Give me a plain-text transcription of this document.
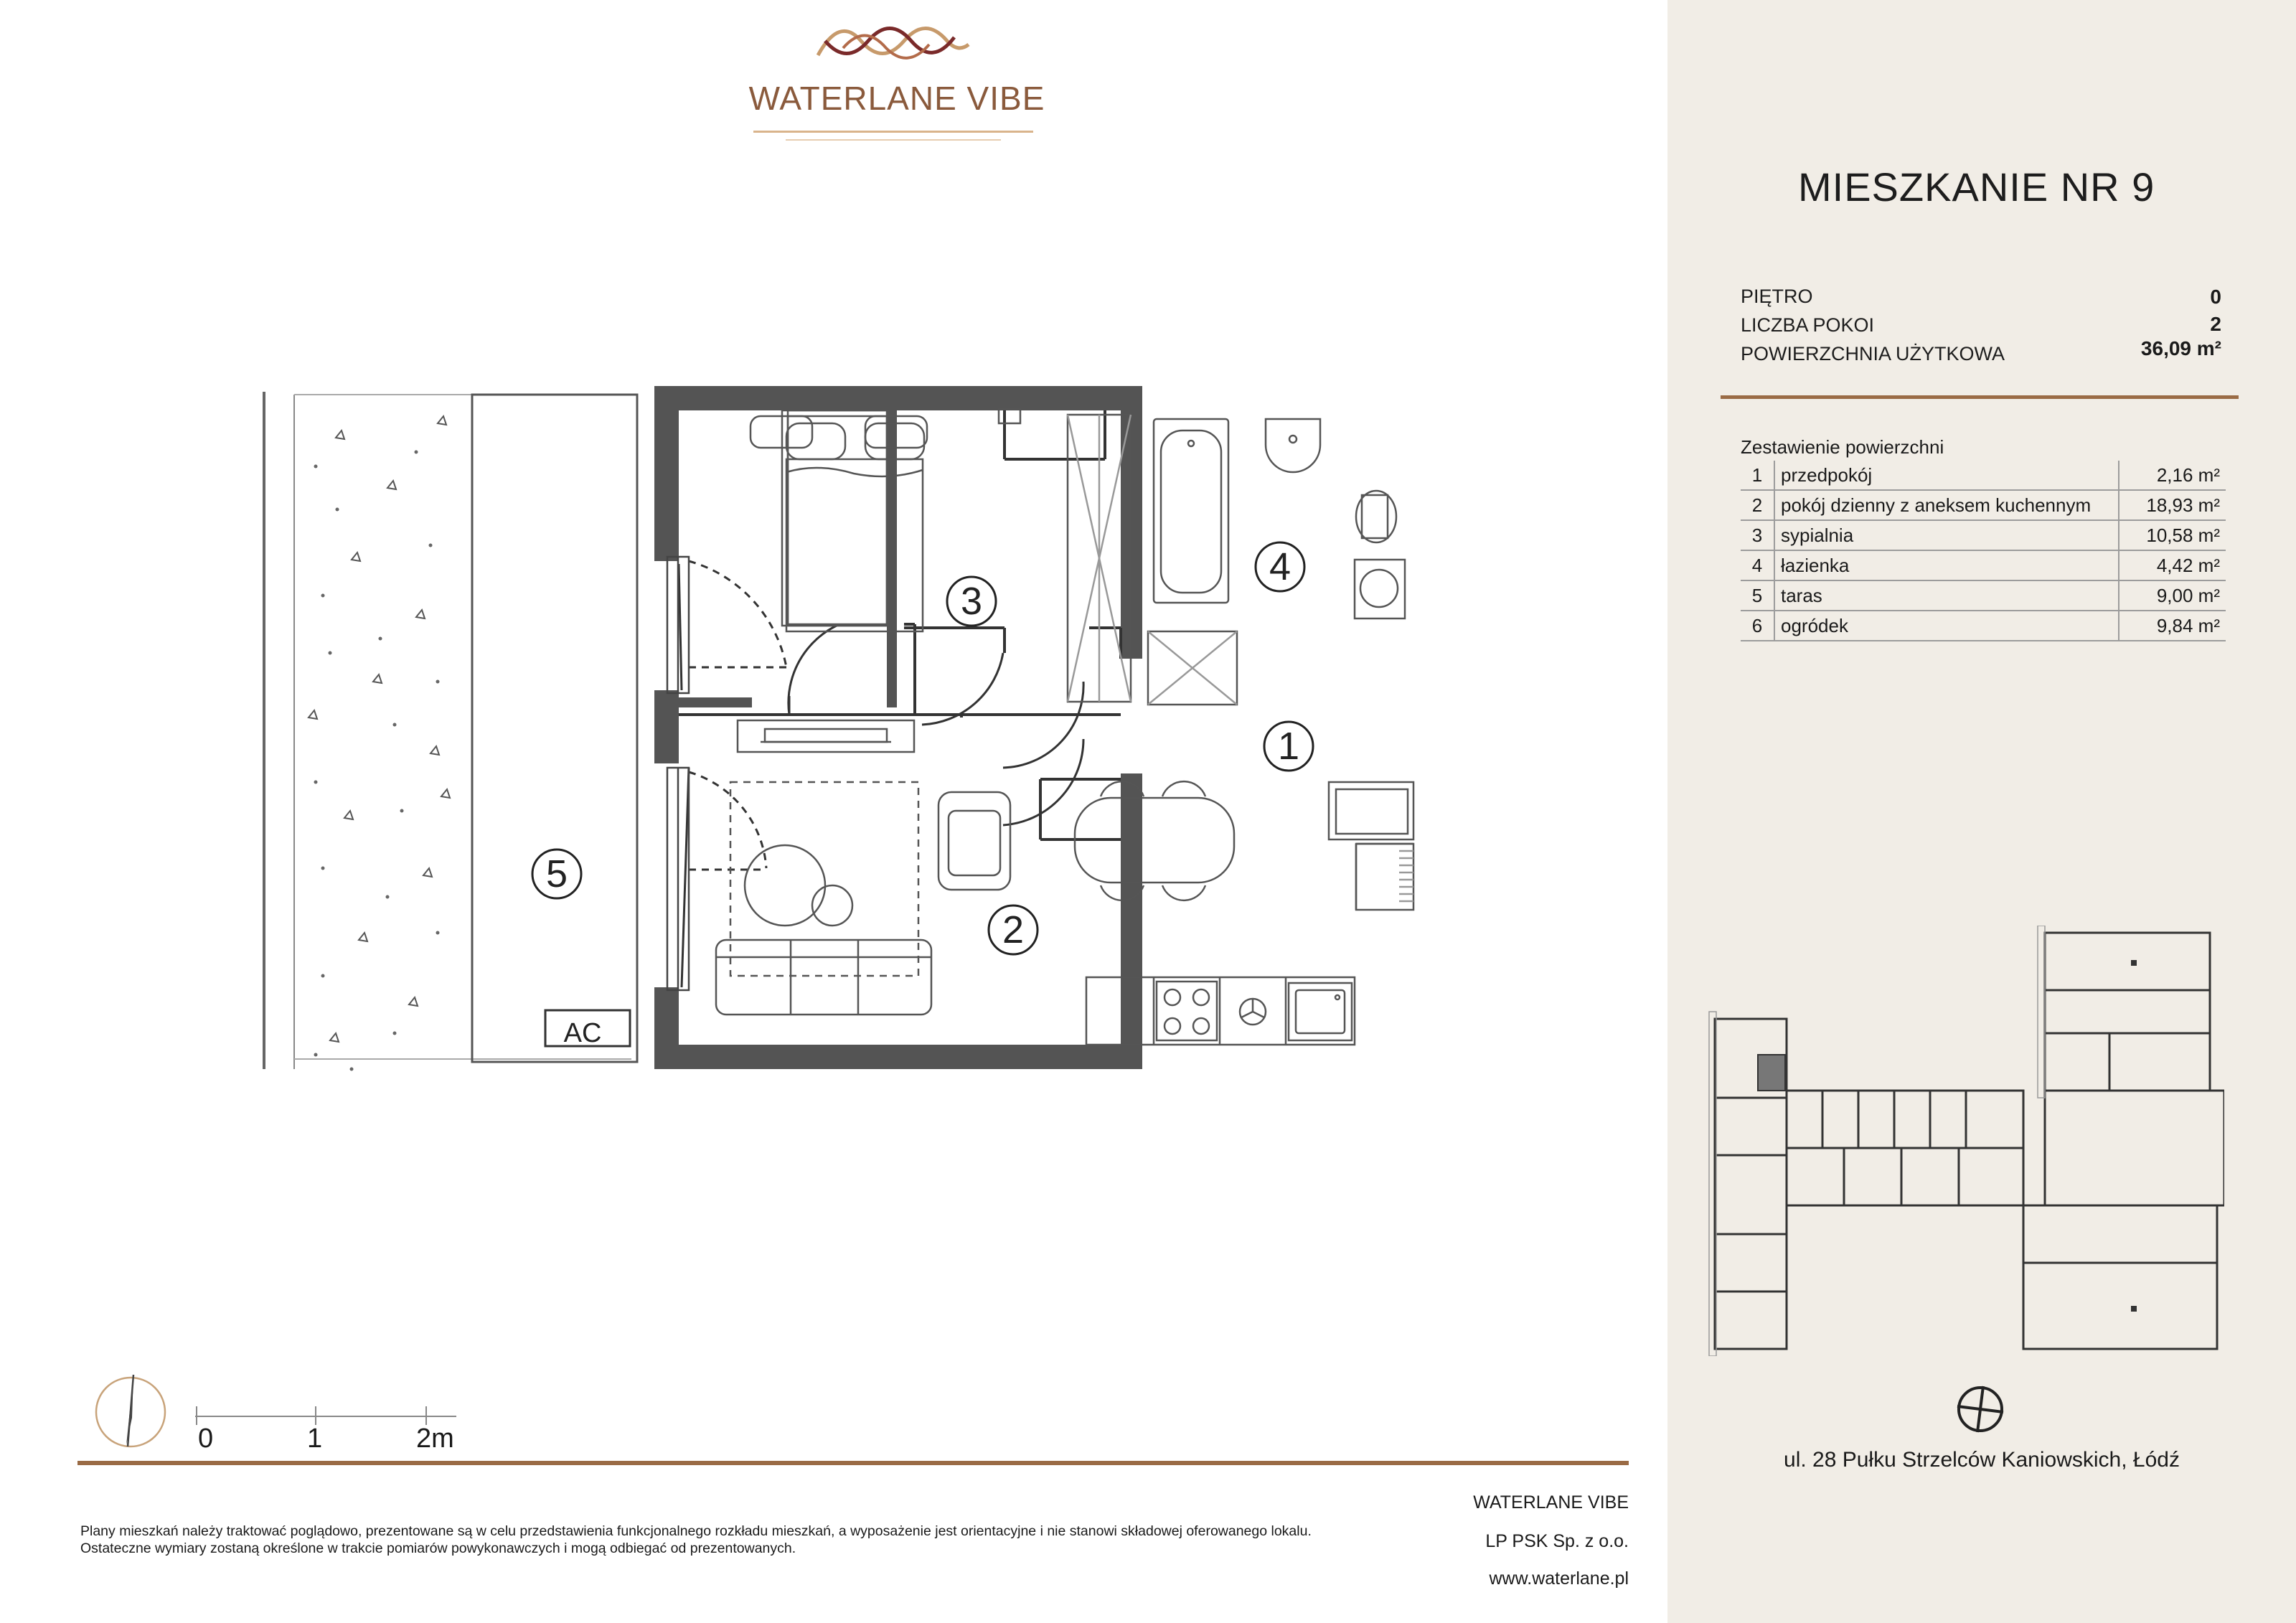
WATERLANE VIBE
MIESZKANIE NR 9
PIĘTRO	0
LICZBA POKOI	2
POWIERZCHNIA UŻYTKOWA	36,09 m²
Zestawienie powierzchni
1	przedpokój	2,16 m²
2	pokój dzienny z aneksem kuchennym	18,93 m²
3	sypialnia	10,58 m²
4	łazienka	4,42 m²
5	taras	9,00 m²
6	ogródek	9,84 m²
ul. 28 Pułku Strzelców Kaniowskich, Łódź
3
4
1
2
5
AC
0	1	2m
Plany mieszkań należy traktować poglądowo, prezentowane są w celu przedstawienia funkcjonalnego rozkładu mieszkań, a wyposażenie jest orientacyjne i nie stanowi składowej oferowanego lokalu.
Ostateczne wymiary zostaną określone w trakcie pomiarów powykonawczych i mogą odbiegać od prezentowanych.
WATERLANE VIBE
LP PSK Sp. z o.o.
www.waterlane.pl
